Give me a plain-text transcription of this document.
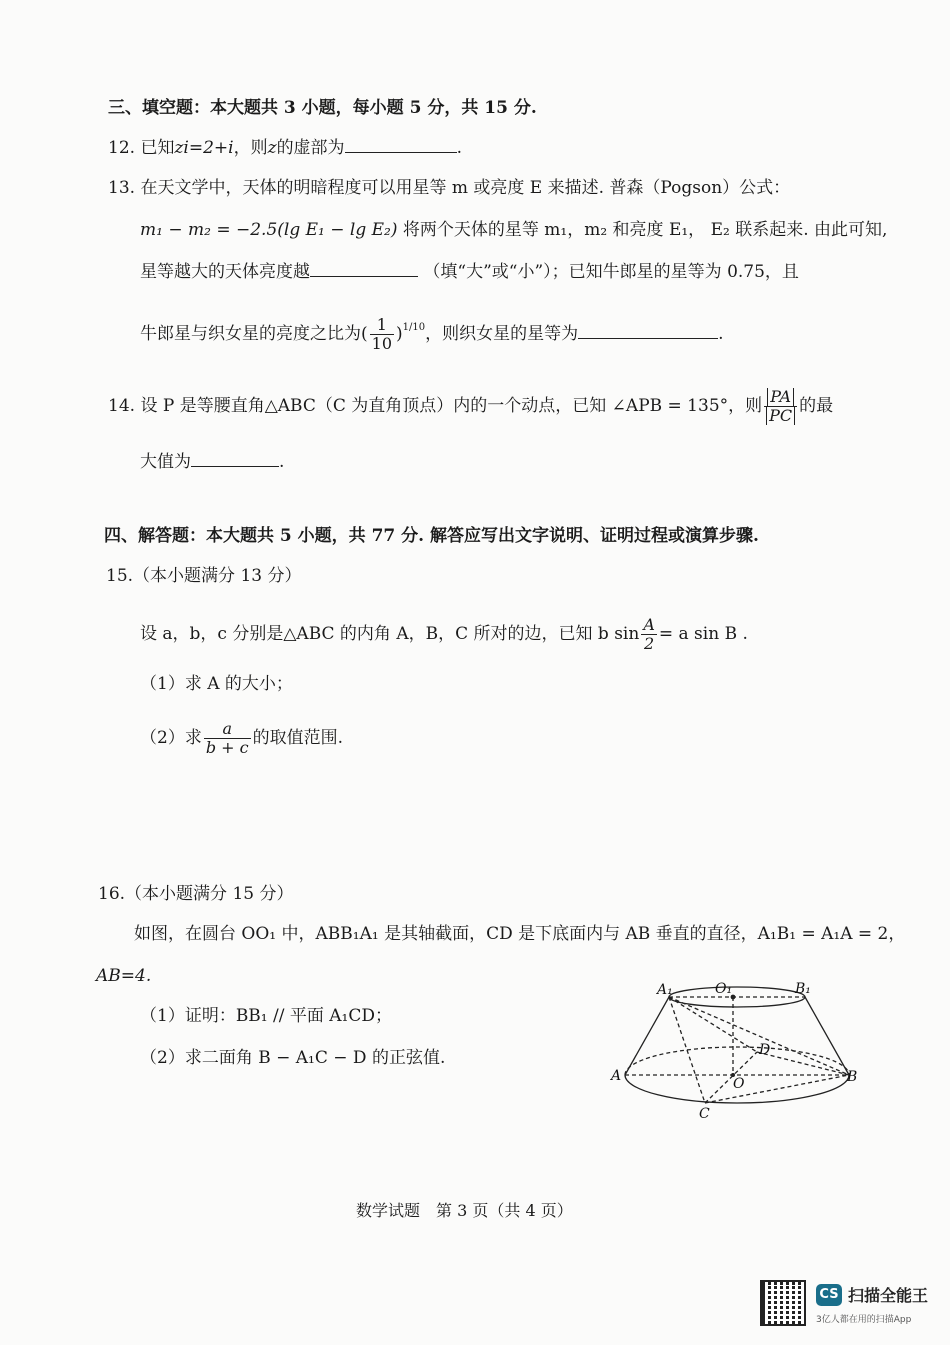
三、填空题：本大题共 3 小题，每小题 5 分，共 15 分.
12. 已知zi=2+i，则z的虚部为	.
13. 在天文学中，天体的明暗程度可以用星等 m 或亮度 E 来描述. 普森（Pogson）公式：
m₁ − m₂ = −2.5(lg E₁ − lg E₂) 将两个天体的星等 m₁，m₂ 和亮度 E₁， E₂ 联系起来. 由此可知,
星等越大的天体亮度越	（填“大”或“小”）；已知牛郎星的星等为 0.75，且
牛郎星与织女星的亮度之比为( $\frac{1}{10} )^{1/10}$，则织女星的星等为	.
14. 设 P 是等腰直角△ABC（C 为直角顶点）内的一个动点，已知 ∠APB = 135°，则 $\frac{PA}{PC}$ 的最
大值为	.
四、解答题：本大题共 5 小题，共 77 分. 解答应写出文字说明、证明过程或演算步骤.
15.（本小题满分 13 分）
设 a，b，c 分别是△ABC 的内角 A，B，C 所对的边，已知 b $\sin \frac{A}{2} = a$ sin B .
（1）求 A 的大小；
（2）求 $\frac{a}{b + c}$ 的取值范围.
16.（本小题满分 15 分）
如图，在圆台 OO₁ 中，ABB₁A₁ 是其轴截面，CD 是下底面内与 AB 垂直的直径，A₁B₁ = A₁A = 2，
AB=4.
（1）证明：BB₁ // 平面 A₁CD；
（2）求二面角 B − A₁C − D 的正弦值.
A₁	O₁	B₁
D
A	O	B
C
数学试题　第 3 页（共 4 页）
CS 扫描全能王
3亿人都在用的扫描App
